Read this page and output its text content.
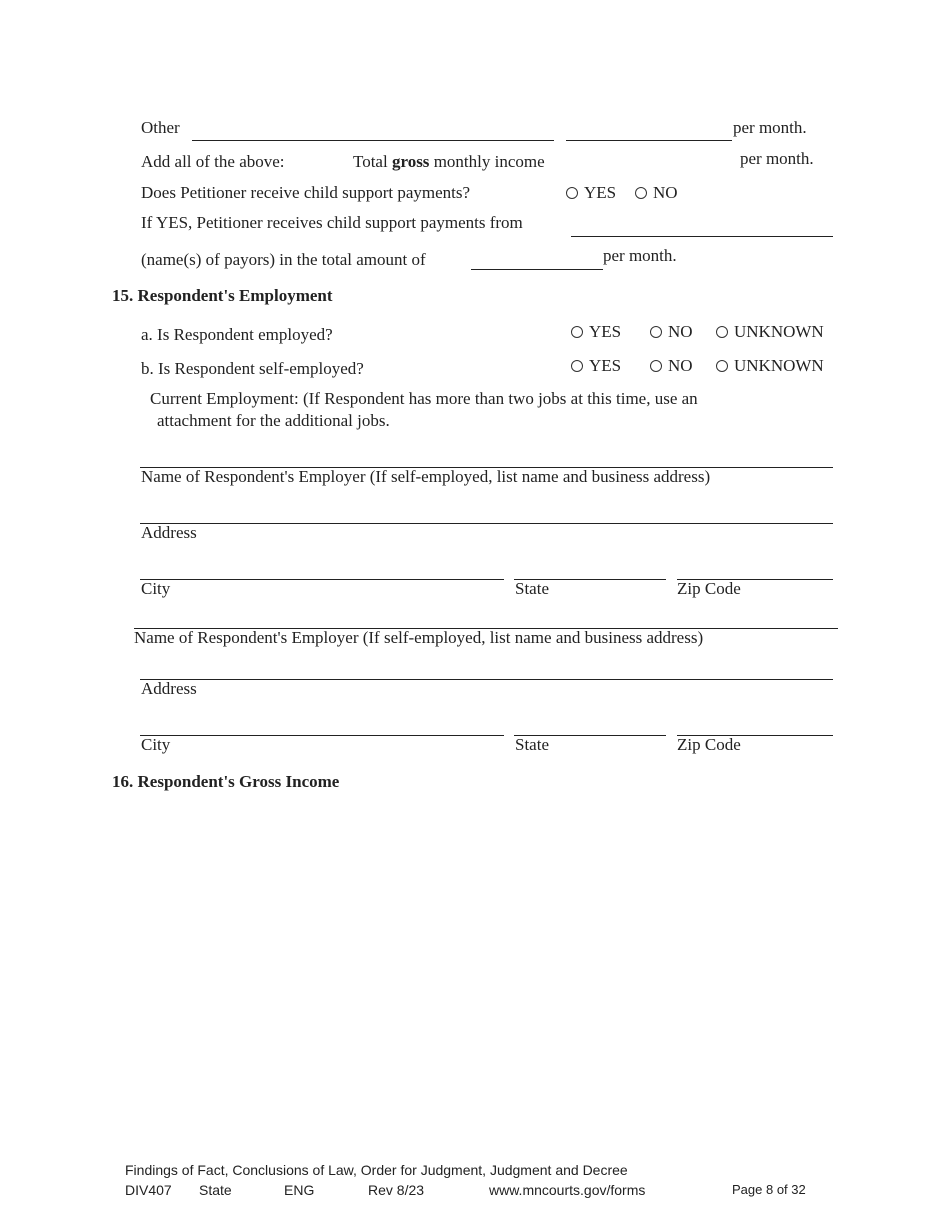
Other	per month.
Add all of the above:	Total gross monthly income	per month.
Does Petitioner receive child support payments?	YES	NO
If YES, Petitioner receives child support payments from
(name(s) of payors) in the total amount of	per month.
15. Respondent's Employment
a. Is Respondent employed?	YES	NO	UNKNOWN
b. Is Respondent self-employed?	YES	NO	UNKNOWN
Current Employment: (If Respondent has more than two jobs at this time, use an
attachment for the additional jobs.
Name of Respondent's Employer (If self-employed, list name and business address)
Address
City	State	Zip Code
Name of Respondent's Employer (If self-employed, list name and business address)
Address
City	State	Zip Code
16. Respondent's Gross Income
Findings of Fact, Conclusions of Law, Order for Judgment, Judgment and Decree
DIV407 State	ENG	Rev 8/23	www.mncourts.gov/forms	Page 8 of 32
